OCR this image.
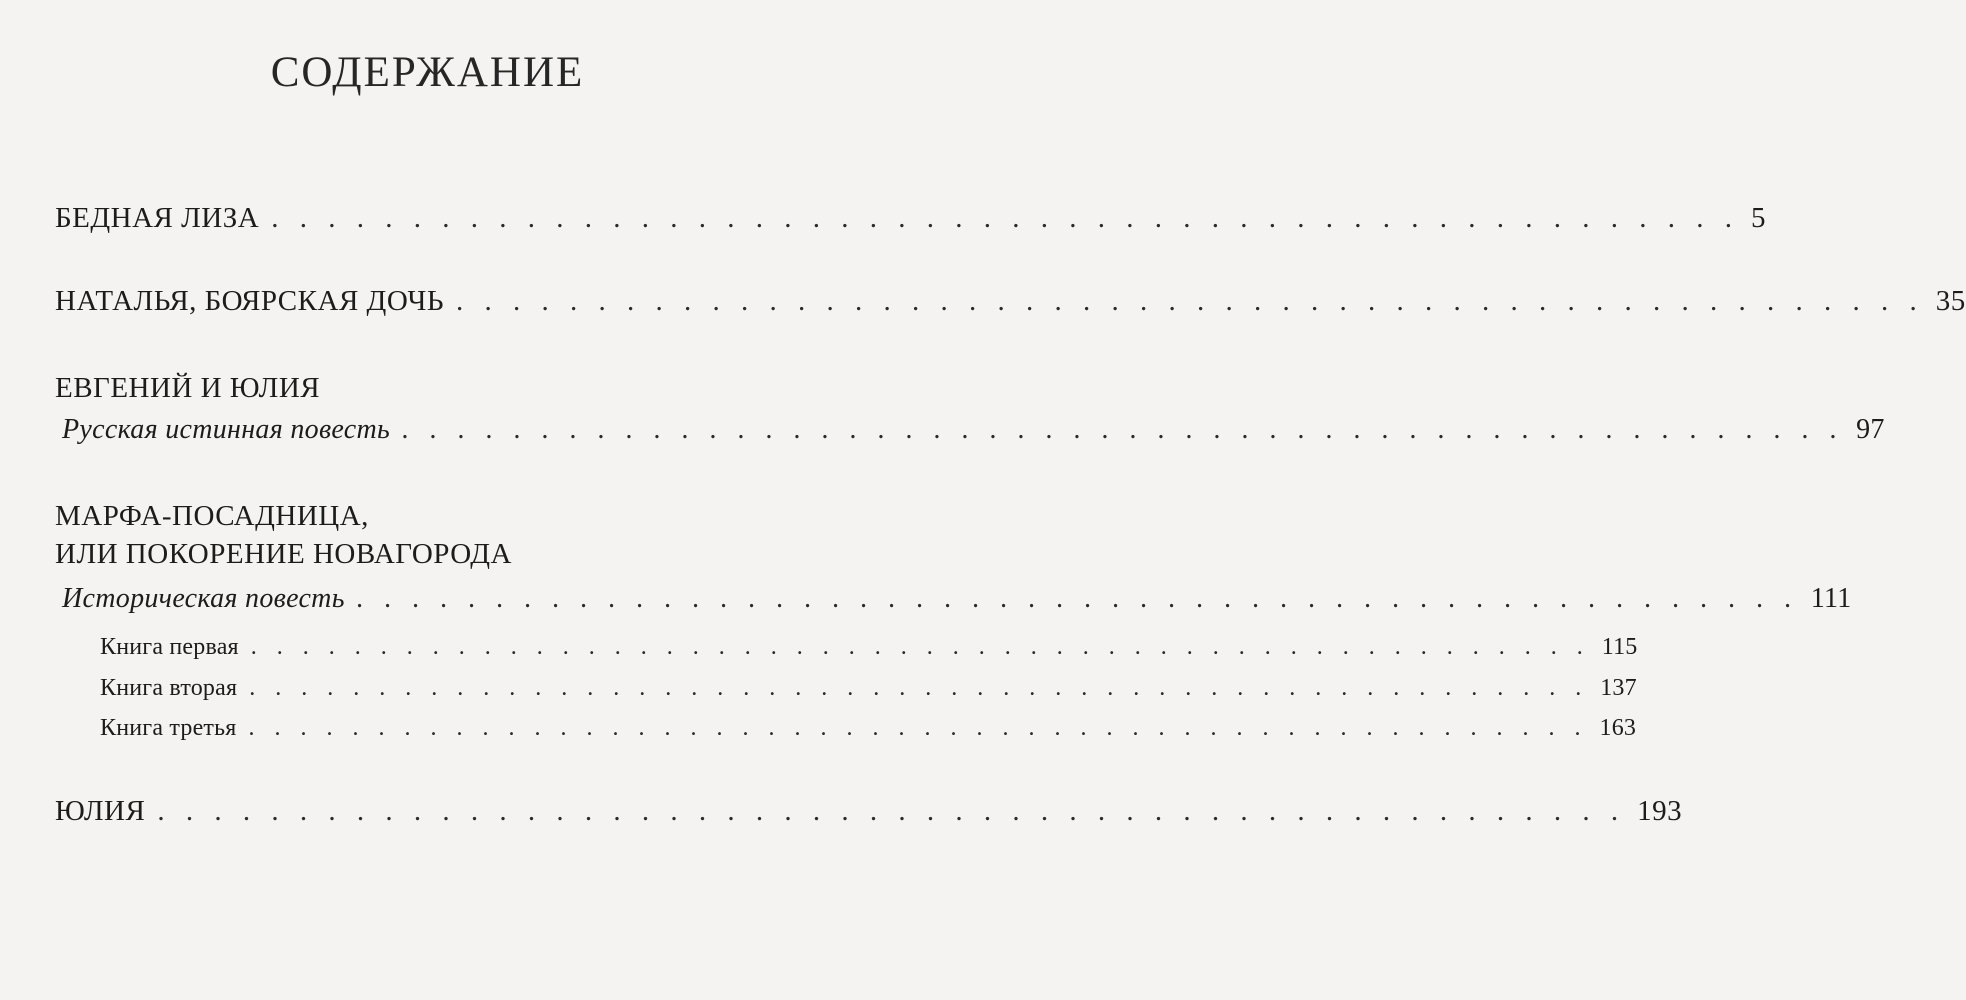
СОДЕРЖАНИЕ
БЕДНАЯ ЛИЗА . . . . . . . . . . . . . . . . . . . . . . . . . . . . . . . . . . . . . . . . . . . . . . . . . . . . 5
НАТАЛЬЯ, БОЯРСКАЯ ДОЧЬ . . . . . . . . . . . . . . . . . . . . . . . . . . . . . . . . . . . . . . . . . . . . . . . . . . . . 35
ЕВГЕНИЙ И ЮЛИЯ
Русская истинная повесть . . . . . . . . . . . . . . . . . . . . . . . . . . . . . . . . . . . . . . . . . . . . . . . . . . . . 97
МАРФА-ПОСАДНИЦА,
ИЛИ ПОКОРЕНИЕ НОВАГОРОДА
Историческая повесть . . . . . . . . . . . . . . . . . . . . . . . . . . . . . . . . . . . . . . . . . . . . . . . . . . . . 111
Книга первая . . . . . . . . . . . . . . . . . . . . . . . . . . . . . . . . . . . . . . . . . . . . . . . . . . . . 115
Книга вторая . . . . . . . . . . . . . . . . . . . . . . . . . . . . . . . . . . . . . . . . . . . . . . . . . . . . 137
Книга третья . . . . . . . . . . . . . . . . . . . . . . . . . . . . . . . . . . . . . . . . . . . . . . . . . . . . 163
ЮЛИЯ . . . . . . . . . . . . . . . . . . . . . . . . . . . . . . . . . . . . . . . . . . . . . . . . . . . . 193
